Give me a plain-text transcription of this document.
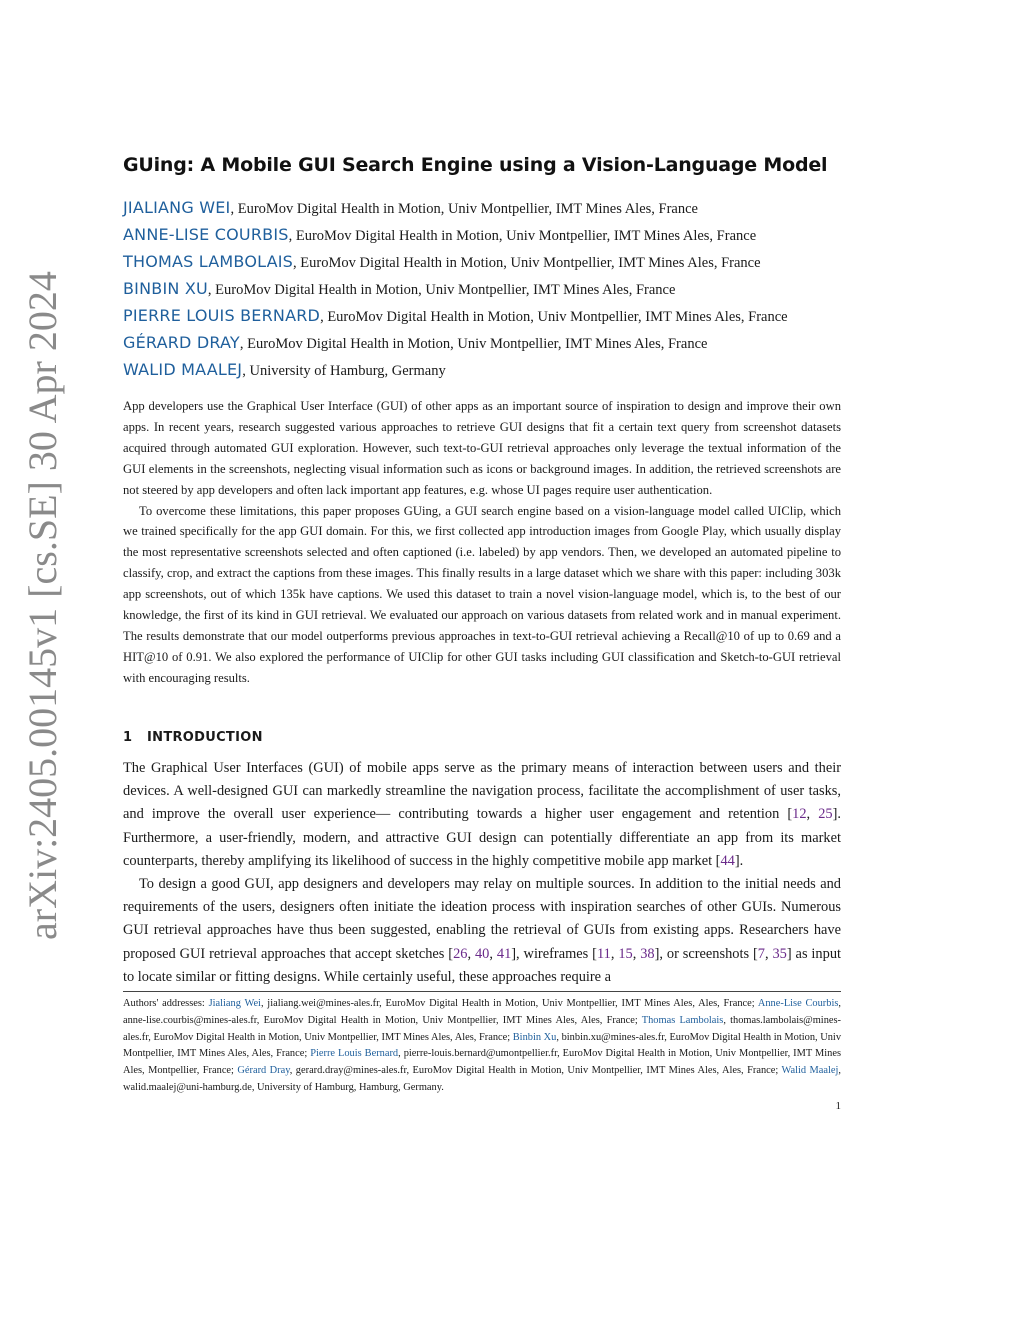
arXiv:2405.00145v1 [cs.SE] 30 Apr 2024
GUing: A Mobile GUI Search Engine using a Vision-Language Model
JIALIANG WEI, EuroMov Digital Health in Motion, Univ Montpellier, IMT Mines Ales, France
ANNE-LISE COURBIS, EuroMov Digital Health in Motion, Univ Montpellier, IMT Mines Ales, France
THOMAS LAMBOLAIS, EuroMov Digital Health in Motion, Univ Montpellier, IMT Mines Ales, France
BINBIN XU, EuroMov Digital Health in Motion, Univ Montpellier, IMT Mines Ales, France
PIERRE LOUIS BERNARD, EuroMov Digital Health in Motion, Univ Montpellier, IMT Mines Ales, France
GÉRARD DRAY, EuroMov Digital Health in Motion, Univ Montpellier, IMT Mines Ales, France
WALID MAALEJ, University of Hamburg, Germany

App developers use the Graphical User Interface (GUI) of other apps as an important source of inspiration to design and improve their own apps. In recent years, research suggested various approaches to retrieve GUI designs that fit a certain text query from screenshot datasets acquired through automated GUI exploration. However, such text-to-GUI retrieval approaches only leverage the textual information of the GUI elements in the screenshots, neglecting visual information such as icons or background images. In addition, the retrieved screenshots are not steered by app developers and often lack important app features, e.g. whose UI pages require user authentication.

To overcome these limitations, this paper proposes GUing, a GUI search engine based on a vision-language model called UIClip, which we trained specifically for the app GUI domain. For this, we first collected app introduction images from Google Play, which usually display the most representative screenshots selected and often captioned (i.e. labeled) by app vendors. Then, we developed an automated pipeline to classify, crop, and extract the captions from these images. This finally results in a large dataset which we share with this paper: including 303k app screenshots, out of which 135k have captions. We used this dataset to train a novel vision-language model, which is, to the best of our knowledge, the first of its kind in GUI retrieval. We evaluated our approach on various datasets from related work and in manual experiment. The results demonstrate that our model outperforms previous approaches in text-to-GUI retrieval achieving a Recall@10 of up to 0.69 and a HIT@10 of 0.91. We also explored the performance of UIClip for other GUI tasks including GUI classification and Sketch-to-GUI retrieval with encouraging results.

1 INTRODUCTION

The Graphical User Interfaces (GUI) of mobile apps serve as the primary means of interaction between users and their devices. A well-designed GUI can markedly streamline the navigation process, facilitate the accomplishment of user tasks, and improve the overall user experience— contributing towards a higher user engagement and retention [12, 25]. Furthermore, a user-friendly, modern, and attractive GUI design can potentially differentiate an app from its market counterparts, thereby amplifying its likelihood of success in the highly competitive mobile app market [44].

To design a good GUI, app designers and developers may relay on multiple sources. In addition to the initial needs and requirements of the users, designers often initiate the ideation process with inspiration searches of other GUIs. Numerous GUI retrieval approaches have thus been suggested, enabling the retrieval of GUIs from existing apps. Researchers have proposed GUI retrieval approaches that accept sketches [26, 40, 41], wireframes [11, 15, 38], or screenshots [7, 35] as input to locate similar or fitting designs. While certainly useful, these approaches require a

Authors' addresses: Jialiang Wei, jialiang.wei@mines-ales.fr, EuroMov Digital Health in Motion, Univ Montpellier, IMT Mines Ales, Ales, France; Anne-Lise Courbis, anne-lise.courbis@mines-ales.fr, EuroMov Digital Health in Motion, Univ Montpellier, IMT Mines Ales, Ales, France; Thomas Lambolais, thomas.lambolais@mines-ales.fr, EuroMov Digital Health in Motion, Univ Montpellier, IMT Mines Ales, Ales, France; Binbin Xu, binbin.xu@mines-ales.fr, EuroMov Digital Health in Motion, Univ Montpellier, IMT Mines Ales, Ales, France; Pierre Louis Bernard, pierre-louis.bernard@umontpellier.fr, EuroMov Digital Health in Motion, Univ Montpellier, IMT Mines Ales, Montpellier, France; Gérard Dray, gerard.dray@mines-ales.fr, EuroMov Digital Health in Motion, Univ Montpellier, IMT Mines Ales, Ales, France; Walid Maalej, walid.maalej@uni-hamburg.de, University of Hamburg, Hamburg, Germany.
1
